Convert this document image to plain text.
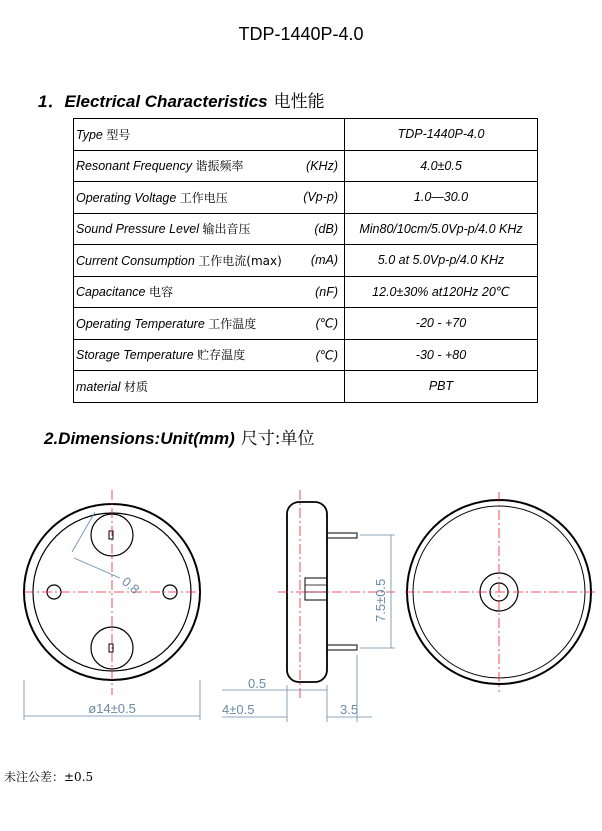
TDP-1440P-4.0
1．Electrical Characteristics 电性能
Type 型号	TDP-1440P-4.0
Resonant Frequency 谐振频率 (KHz)	4.0±0.5
Operating Voltage 工作电压 (Vp-p)	1.0—30.0
Sound Pressure Level 输出音压 (dB)	Min80/10cm/5.0Vp-p/4.0 KHz
Current Consumption 工作电流(max) (mA)	5.0 at 5.0Vp-p/4.0 KHz
Capacitance 电容 (nF)	12.0±30% at120Hz 20℃
Operating Temperature 工作温度 (℃)	-20 - +70
Storage Temperature 贮存温度 (℃)	-30 - +80
material 材质	PBT
2.Dimensions:Unit(mm) 尺寸:单位
0.8
ø14±0.5
0.5
4±0.5	3.5
7.5±0.5
未注公差：±0.5
